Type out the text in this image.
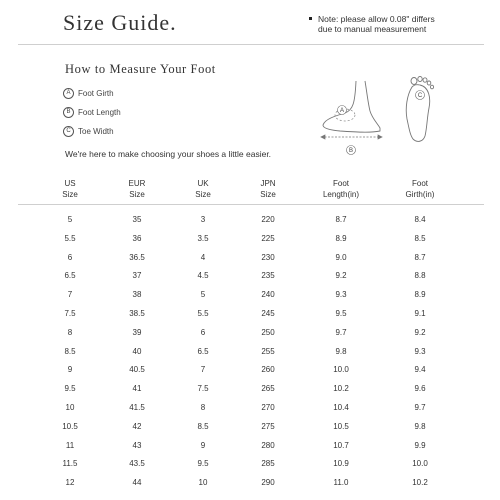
Size Guide.	Note: please allow 0.08" differs
due to manual measurement
How to Measure Your Foot
A Foot Girth
B Foot Length
C Toe Width
We're here to make choosing your shoes a little easier.
A
B
C
US
Size
EUR
Size
UK
Size
JPN
Size
Foot
Length(in)
Foot
Girth(in)
5	35	3	220	8.7	8.4
5.5	36	3.5	225	8.9	8.5
6	36.5	4	230	9.0	8.7
6.5	37	4.5	235	9.2	8.8
7	38	5	240	9.3	8.9
7.5	38.5	5.5	245	9.5	9.1
8	39	6	250	9.7	9.2
8.5	40	6.5	255	9.8	9.3
9	40.5	7	260	10.0	9.4
9.5	41	7.5	265	10.2	9.6
10	41.5	8	270	10.4	9.7
10.5	42	8.5	275	10.5	9.8
11	43	9	280	10.7	9.9
11.5	43.5	9.5	285	10.9	10.0
12	44	10	290	11.0	10.2
